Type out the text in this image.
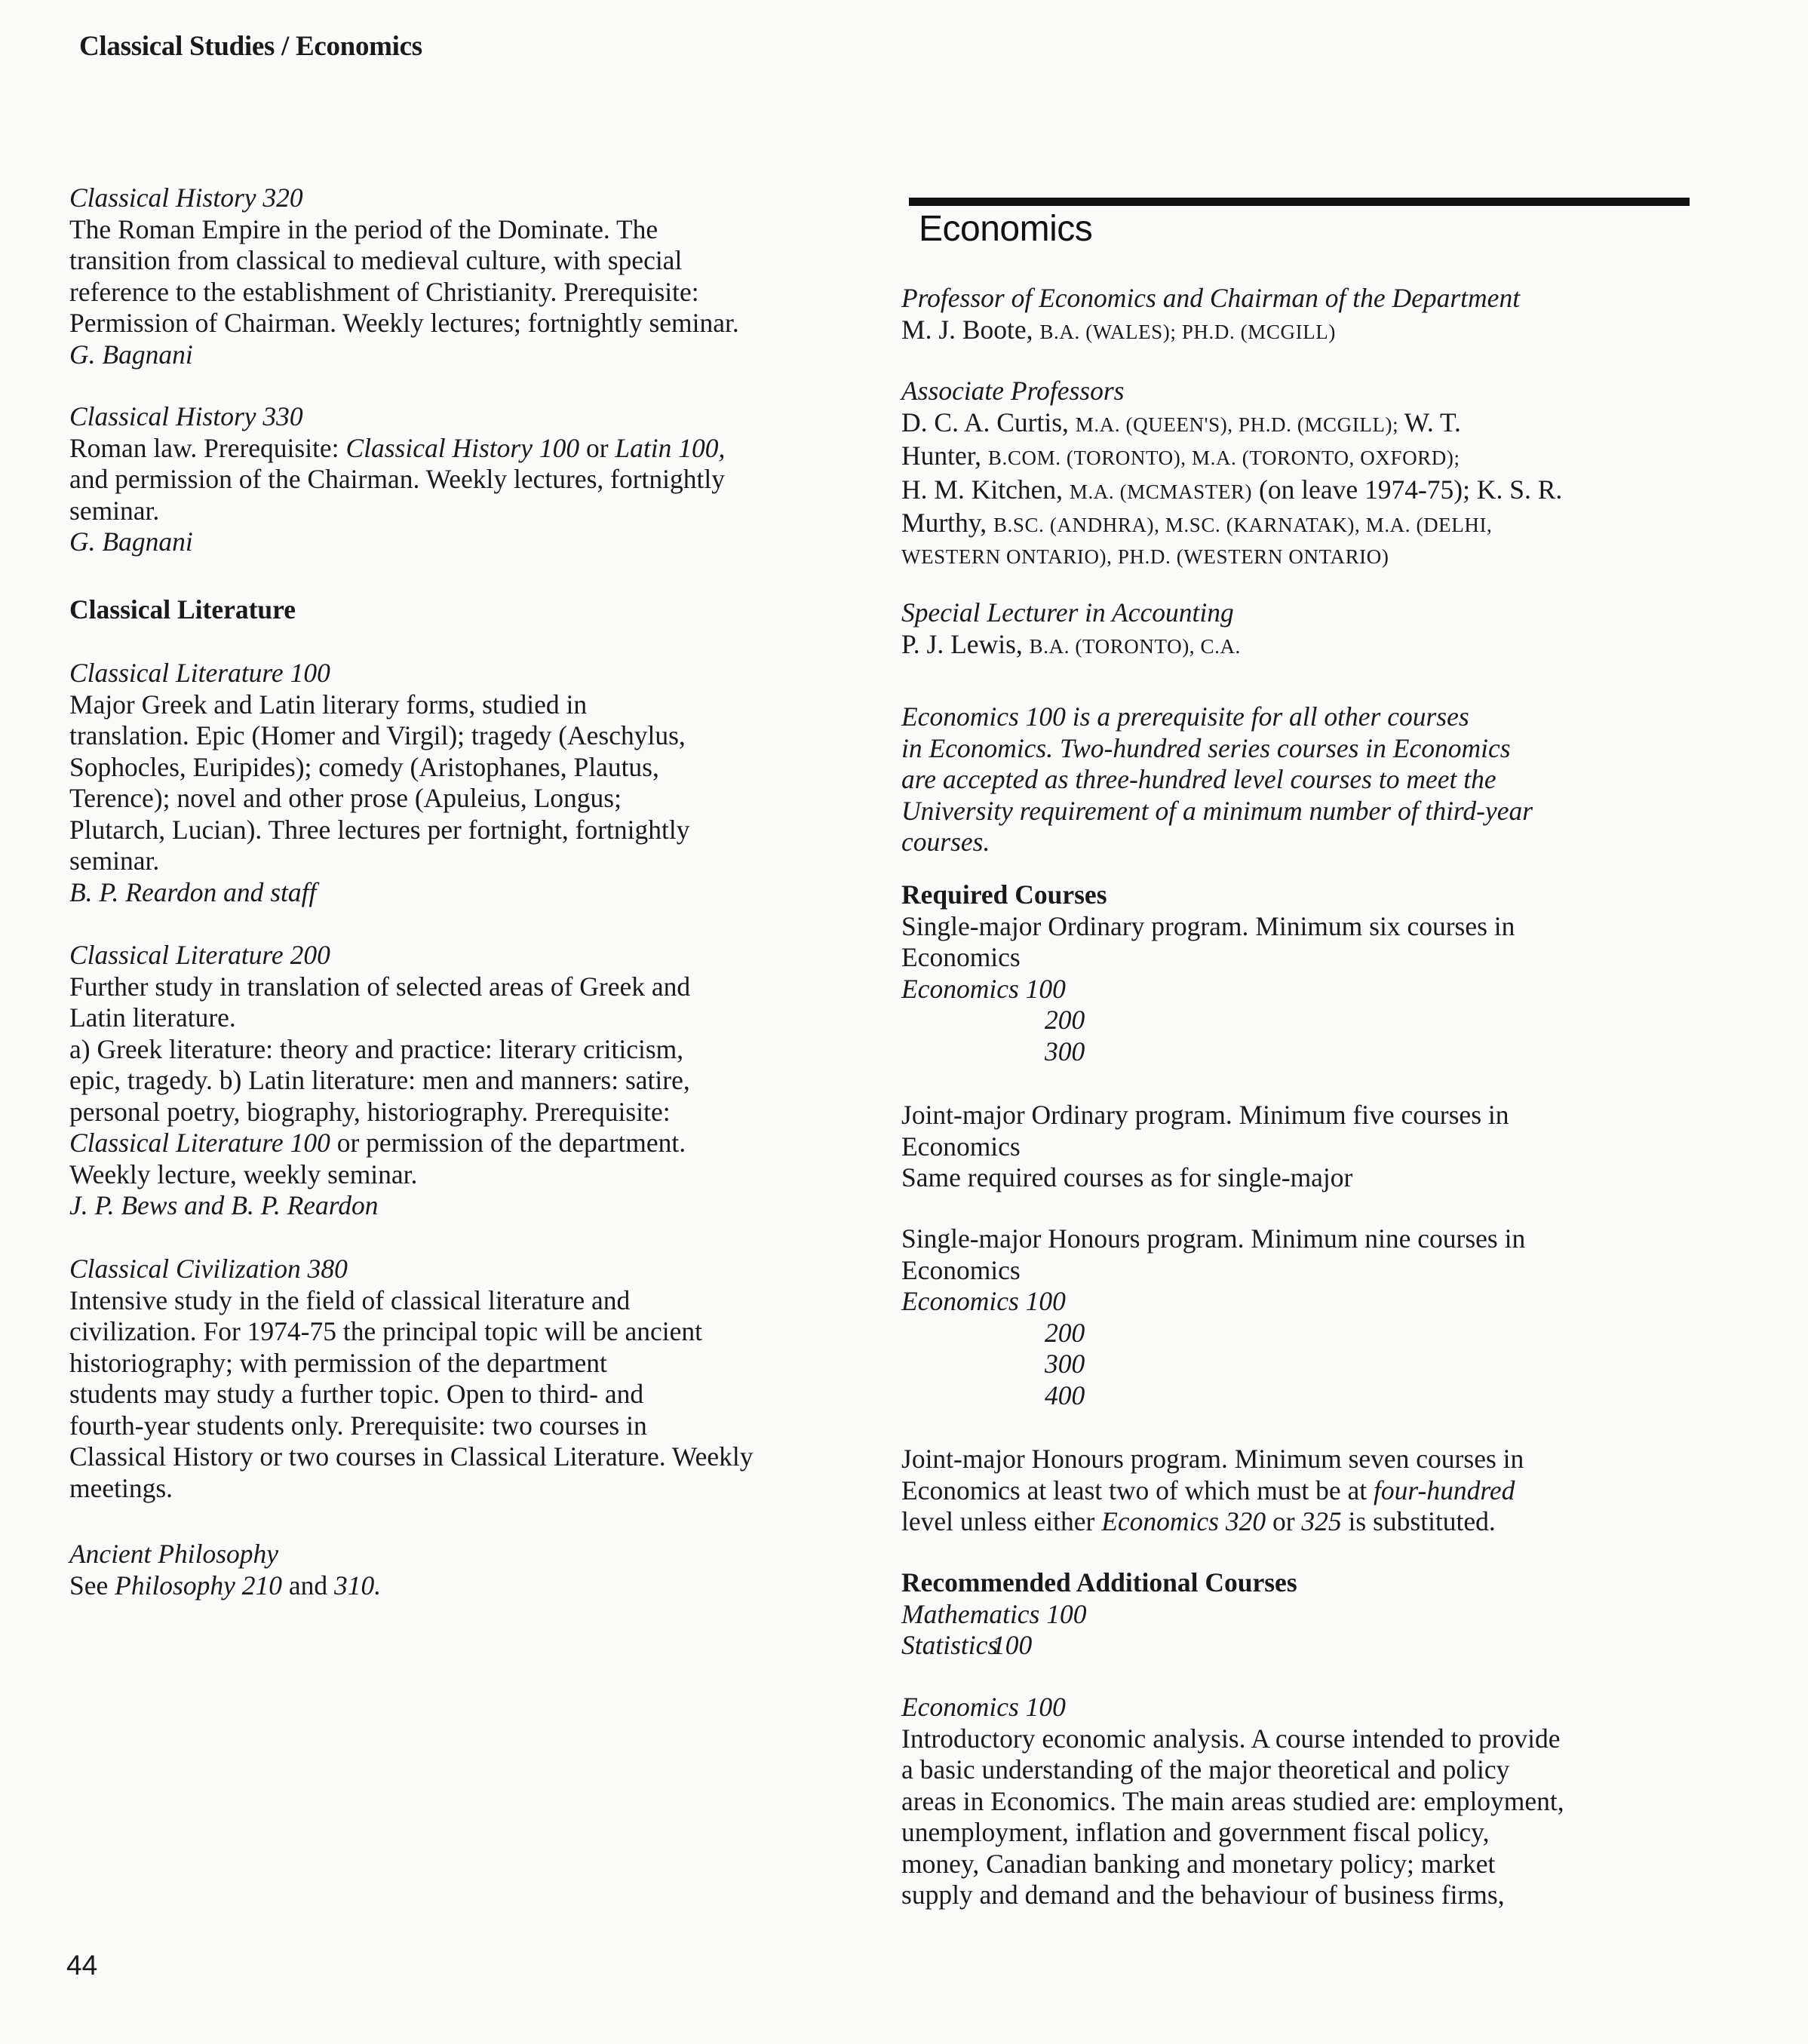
Classical Studies / Economics
Classical History 320
The Roman Empire in the period of the Dominate. The
transition from classical to medieval culture, with special
reference to the establishment of Christianity. Prerequisite:
Permission of Chairman. Weekly lectures; fortnightly seminar.
G. Bagnani
Classical History 330
Roman law. Prerequisite: Classical History 100 or Latin 100,
and permission of the Chairman. Weekly lectures, fortnightly
seminar.
G. Bagnani
Classical Literature
Classical Literature 100
Major Greek and Latin literary forms, studied in
translation. Epic (Homer and Virgil); tragedy (Aeschylus,
Sophocles, Euripides); comedy (Aristophanes, Plautus,
Terence); novel and other prose (Apuleius, Longus;
Plutarch, Lucian). Three lectures per fortnight, fortnightly
seminar.
B. P. Reardon and staff
Classical Literature 200
Further study in translation of selected areas of Greek and
Latin literature.
a) Greek literature: theory and practice: literary criticism,
epic, tragedy. b) Latin literature: men and manners: satire,
personal poetry, biography, historiography. Prerequisite:
Classical Literature 100 or permission of the department.
Weekly lecture, weekly seminar.
J. P. Bews and B. P. Reardon
Classical Civilization 380
Intensive study in the field of classical literature and
civilization. For 1974-75 the principal topic will be ancient
historiography; with permission of the department
students may study a further topic. Open to third- and
fourth-year students only. Prerequisite: two courses in
Classical History or two courses in Classical Literature. Weekly
meetings.
Ancient Philosophy
See Philosophy 210 and 310.
Economics
Professor of Economics and Chairman of the Department
M. J. Boote, B.A. (WALES); PH.D. (MCGILL)
Associate Professors
D. C. A. Curtis, M.A. (QUEEN'S), PH.D. (MCGILL); W. T.
Hunter, B.COM. (TORONTO), M.A. (TORONTO, OXFORD);
H. M. Kitchen, M.A. (MCMASTER) (on leave 1974-75); K. S. R.
Murthy, B.SC. (ANDHRA), M.SC. (KARNATAK), M.A. (DELHI,
WESTERN ONTARIO), PH.D. (WESTERN ONTARIO)
Special Lecturer in Accounting
P. J. Lewis, B.A. (TORONTO), C.A.
Economics 100 is a prerequisite for all other courses
in Economics. Two-hundred series courses in Economics
are accepted as three-hundred level courses to meet the
University requirement of a minimum number of third-year
courses.
Required Courses
Single-major Ordinary program. Minimum six courses in
Economics
Economics 100
200
300
Joint-major Ordinary program. Minimum five courses in
Economics
Same required courses as for single-major
Single-major Honours program. Minimum nine courses in
Economics
Economics 100
200
300
400
Joint-major Honours program. Minimum seven courses in
Economics at least two of which must be at four-hundred
level unless either Economics 320 or 325 is substituted.
Recommended Additional Courses
Mathematics 100
Statistics100
Economics 100
Introductory economic analysis. A course intended to provide
a basic understanding of the major theoretical and policy
areas in Economics. The main areas studied are: employment,
unemployment, inflation and government fiscal policy,
money, Canadian banking and monetary policy; market
supply and demand and the behaviour of business firms,
44
